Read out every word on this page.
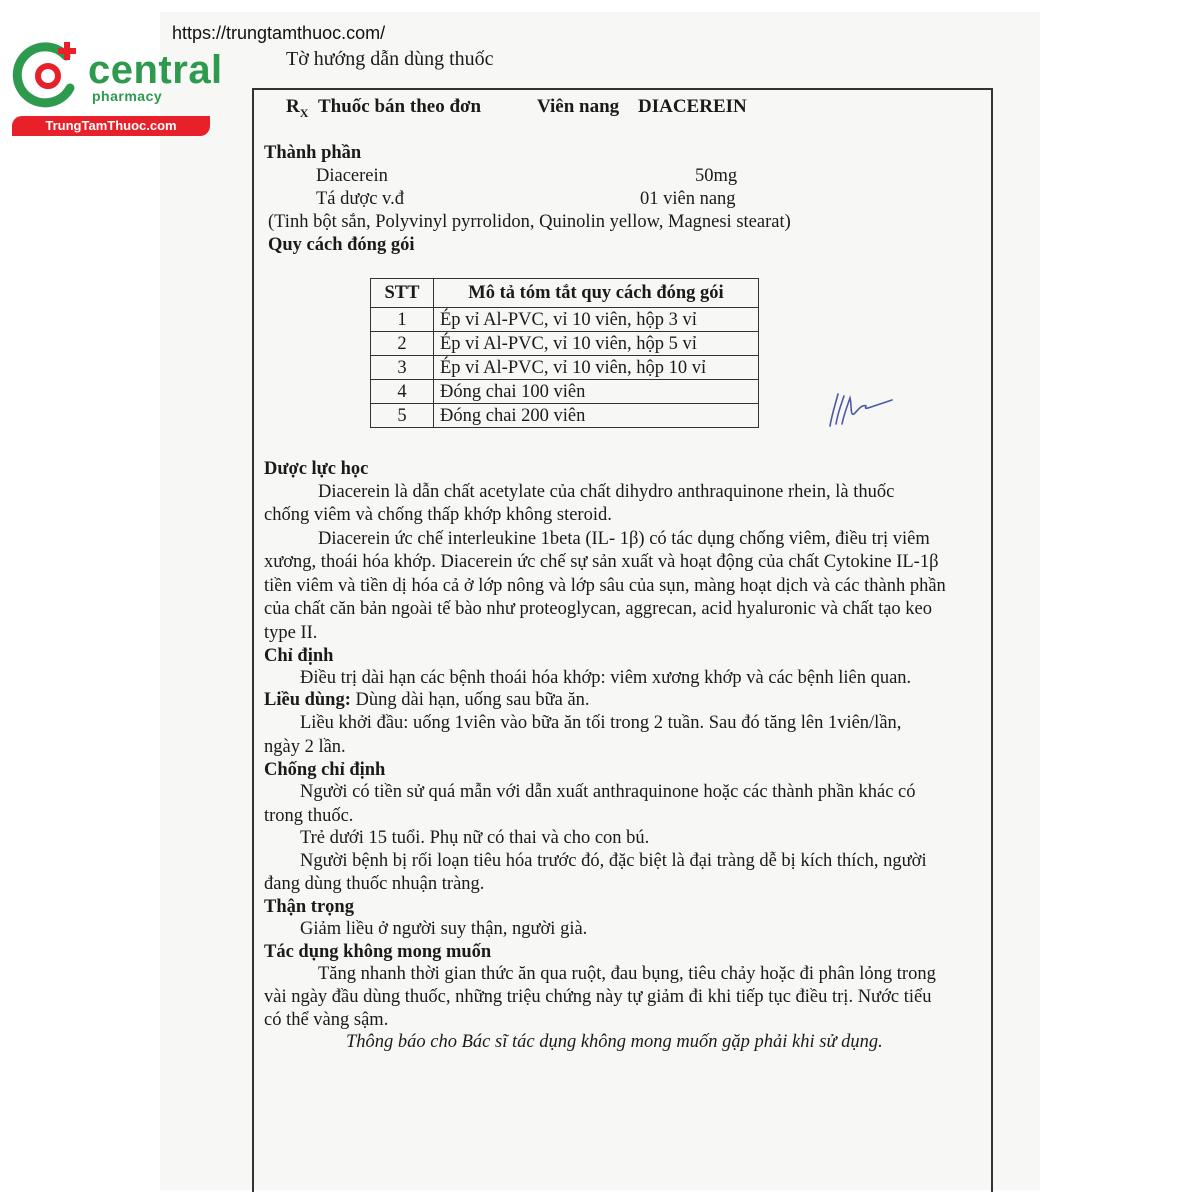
central
pharmacy
TrungTamThuoc.com
https://trungtamthuoc.com/
Tờ hướng dẫn dùng thuốc
$R_X$ Thuốc bán theo đơn	Viên nang DIACEREIN
Thành phần
Diacerein	50mg
Tá dược v.đ	01 viên nang
(Tinh bột sắn, Polyvinyl pyrrolidon, Quinolin yellow, Magnesi stearat)
Quy cách đóng gói
STT	Mô tả tóm tắt quy cách đóng gói
1	Ép vỉ Al-PVC, vỉ 10 viên, hộp 3 vỉ
2	Ép vỉ Al-PVC, vỉ 10 viên, hộp 5 vỉ
3	Ép vỉ Al-PVC, vỉ 10 viên, hộp 10 vỉ
4	Đóng chai 100 viên
5	Đóng chai 200 viên
Dược lực học
Diacerein là dẫn chất acetylate của chất dihydro anthraquinone rhein, là thuốc
chống viêm và chống thấp khớp không steroid.
Diacerein ức chế interleukine 1beta (IL- 1β) có tác dụng chống viêm, điều trị viêm
xương, thoái hóa khớp. Diacerein ức chế sự sản xuất và hoạt động của chất Cytokine IL-1β
tiền viêm và tiền dị hóa cả ở lớp nông và lớp sâu của sụn, màng hoạt dịch và các thành phần
của chất căn bản ngoài tế bào như proteoglycan, aggrecan, acid hyaluronic và chất tạo keo
type II.
Chỉ định
Điều trị dài hạn các bệnh thoái hóa khớp: viêm xương khớp và các bệnh liên quan.
Liều dùng: Dùng dài hạn, uống sau bữa ăn.
Liều khởi đầu: uống 1viên vào bữa ăn tối trong 2 tuần. Sau đó tăng lên 1viên/lần,
ngày 2 lần.
Chống chỉ định
Người có tiền sử quá mẫn với dẫn xuất anthraquinone hoặc các thành phần khác có
trong thuốc.
Trẻ dưới 15 tuổi. Phụ nữ có thai và cho con bú.
Người bệnh bị rối loạn tiêu hóa trước đó, đặc biệt là đại tràng dễ bị kích thích, người
đang dùng thuốc nhuận tràng.
Thận trọng
Giảm liều ở người suy thận, người già.
Tác dụng không mong muốn
Tăng nhanh thời gian thức ăn qua ruột, đau bụng, tiêu chảy hoặc đi phân lỏng trong
vài ngày đầu dùng thuốc, những triệu chứng này tự giảm đi khi tiếp tục điều trị. Nước tiểu
có thể vàng sậm.
Thông báo cho Bác sĩ tác dụng không mong muốn gặp phải khi sử dụng.
